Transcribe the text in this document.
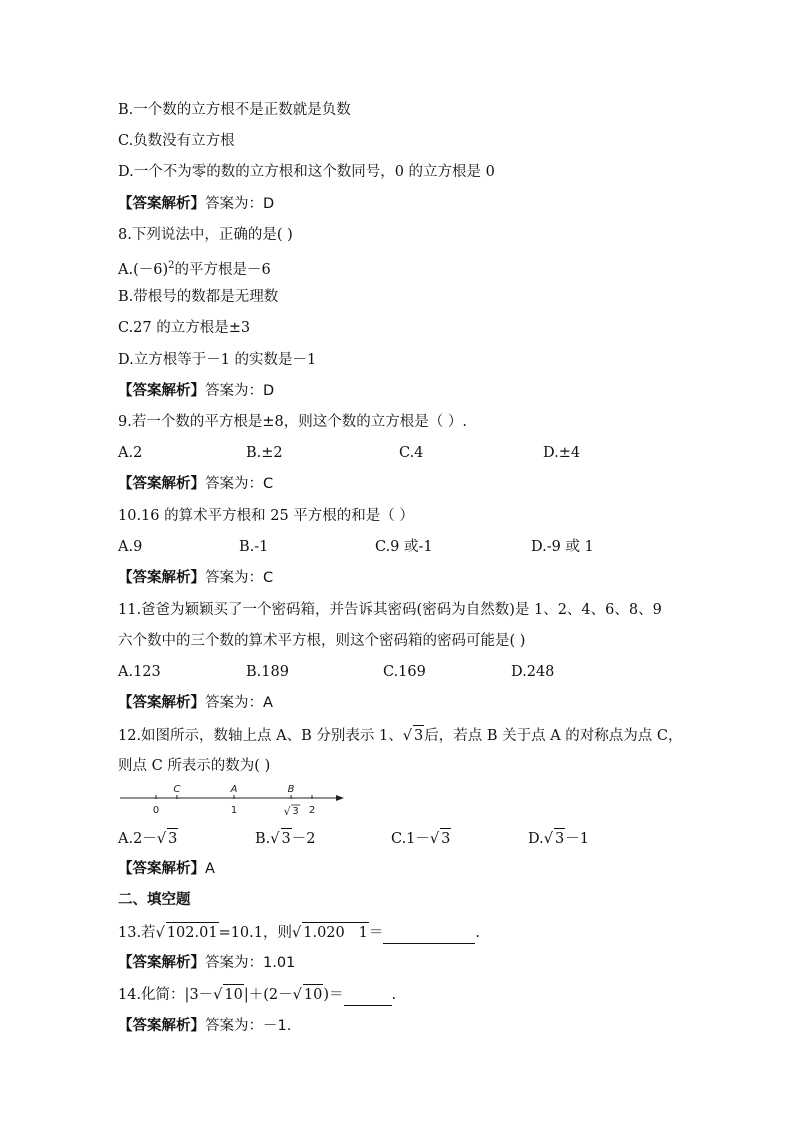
B.一个数的立方根不是正数就是负数
C.负数没有立方根
D.一个不为零的数的立方根和这个数同号，0 的立方根是 0
【答案解析】答案为：D
8.下列说法中，正确的是( )
$A.(-6)^2$的平方根是－6
B.带根号的数都是无理数
C.27 的立方根是±3
D.立方根等于－1 的实数是－1
【答案解析】答案为：D
9.若一个数的平方根是±8，则这个数的立方根是（ ）.
A.2	B.±2	C.4	D.±4
【答案解析】答案为：C
10.16 的算术平方根和 25 平方根的和是（ ）
A.9	B.-1	C.9 或-1	D.-9 或 1
【答案解析】答案为：C
11.爸爸为颖颖买了一个密码箱，并告诉其密码(密码为自然数)是 1、2、4、6、8、9
六个数中的三个数的算术平方根，则这个密码箱的密码可能是( )
A.123	B.189	C.169	D.248
【答案解析】答案为：A
12.如图所示，数轴上点 A、B 分别表示 1、√ 3后，若点 B 关于点 A 的对称点为点 C，
则点 C 所表示的数为( )
C	A	B
0	1	2
√ 3
A.2－√ 3	B.√ 3－2	C.1－√ 3	D.√ 3－1
【答案解析】A
二、填空题
13.若√ 102.01=10.1，则√ 1.020   1＝	.
【答案解析】答案为：1.01
14.化简：|3－√ 10|＋(2－√ 10)＝	.
【答案解析】答案为：－1.
